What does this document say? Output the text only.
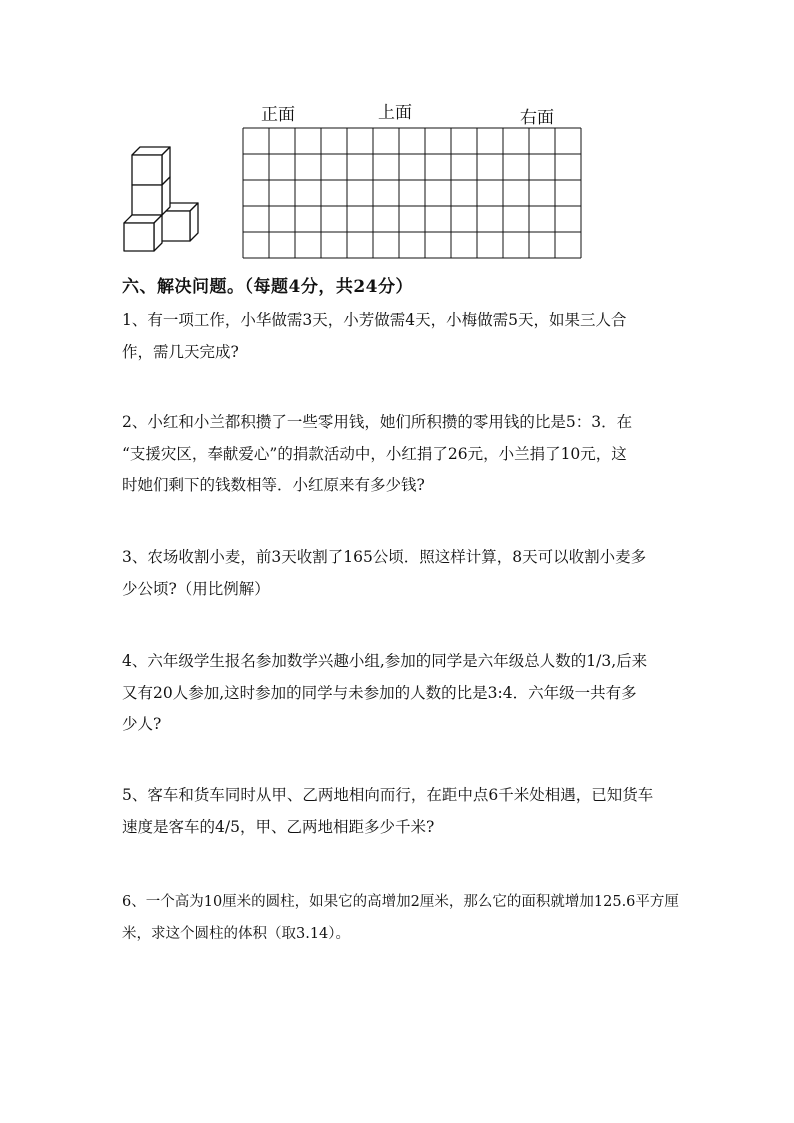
正面	上面	右面
六、解决问题。（每题4分，共24分）
1、有一项工作，小华做需3天，小芳做需4天，小梅做需5天，如果三人合
作，需几天完成?
2、小红和小兰都积攒了一些零用钱，她们所积攒的零用钱的比是5：3．在
“支援灾区，奉献爱心”的捐款活动中，小红捐了26元，小兰捐了10元，这
时她们剩下的钱数相等．小红原来有多少钱?
3、农场收割小麦，前3天收割了165公顷．照这样计算，8天可以收割小麦多
少公顷?（用比例解）
4、六年级学生报名参加数学兴趣小组,参加的同学是六年级总人数的1/3,后来
又有20人参加,这时参加的同学与未参加的人数的比是3:4．六年级一共有多
少人?
5、客车和货车同时从甲、乙两地相向而行，在距中点6千米处相遇，已知货车
速度是客车的4/5，甲、乙两地相距多少千米?
6、一个高为10厘米的圆柱，如果它的高增加2厘米，那么它的面积就增加125.6平方厘
米，求这个圆柱的体积（取3.14）。
